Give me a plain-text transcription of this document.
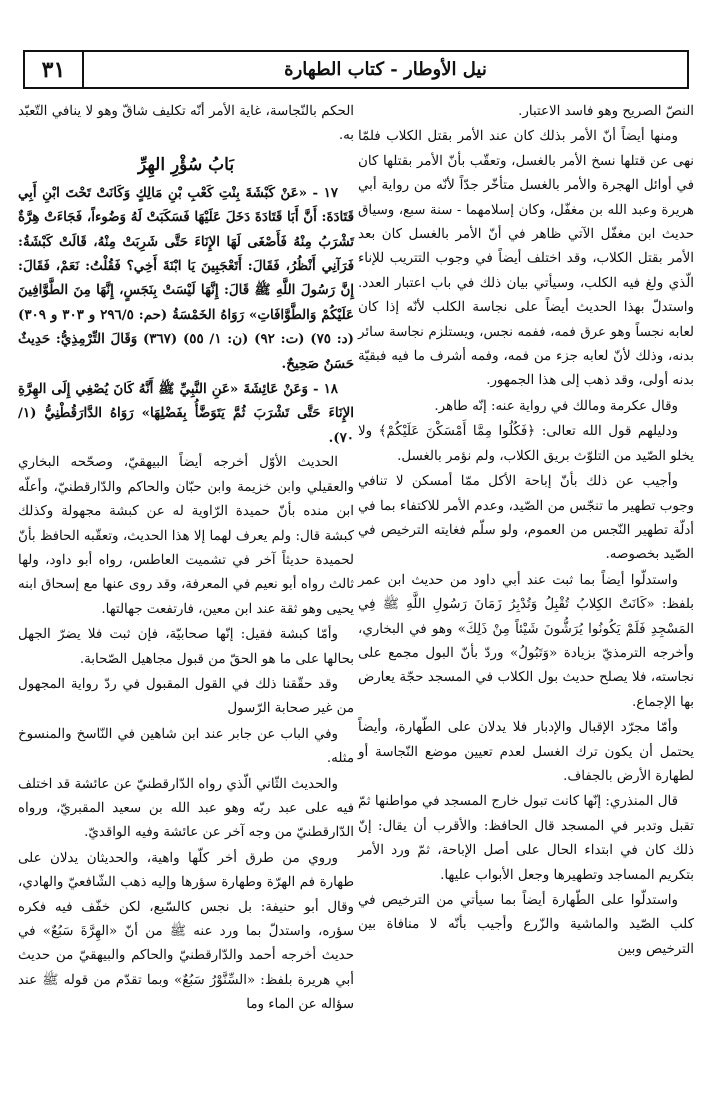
٣١	نيل الأوطار - كتاب الطهارة

النصّ الصريح وهو فاسد الاعتبار.

ومنها أيضاً أنّ الأمر بذلك كان عند الأمر بقتل الكلاب فلمّا نهى عن قتلها نسخ الأمر بالغسل، وتعقّب بأنّ الأمر بقتلها كان في أوائل الهجرة والأمر بالغسل متأخّر جدّاً لأنّه من رواية أبي هريرة وعبد الله بن مغفّل، وكان إسلامهما - سنة سبع، وسياق حديث ابن مغفّل الآتي ظاهر في أنّ الأمر بالغسل كان بعد الأمر بقتل الكلاب، وقد اختلف أيضاً في وجوب التتريب للإناء الّذي ولغ فيه الكلب، وسيأتي بيان ذلك في باب اعتبار العدد. واستدلّ بهذا الحديث أيضاً على نجاسة الكلب لأنّه إذا كان لعابه نجساً وهو عرق فمه، ففمه نجس، ويستلزم نجاسة سائر بدنه، وذلك لأنّ لعابه جزء من فمه، وفمه أشرف ما فيه فبقيّة بدنه أولى، وقد ذهب إلى هذا الجمهور.

وقال عكرمة ومالك في رواية عنه: إنّه طاهر.

ودليلهم قول الله تعالى: ﴿فَكُلُوا مِمَّا أَمْسَكْنَ عَلَيْكُمْ﴾ ولا يخلو الصّيد من التلوّث بريق الكلاب، ولم نؤمر بالغسل.

وأجيب عن ذلك بأنّ إباحة الأكل ممّا أمسكن لا تنافي وجوب تطهير ما تنجّس من الصّيد، وعدم الأمر للاكتفاء بما في أدلّة تطهير النّجس من العموم، ولو سلّم فغايته الترخيص في الصّيد بخصوصه.

واستدلّوا أيضاً بما ثبت عند أبي داود من حديث ابن عمر بلفظ: «كَانَتْ الكِلابُ تُقْبِلُ وَتُدْبِرُ زَمَانَ رَسُولِ اللَّهِ ﷺ فِي المَسْجِدِ فَلَمْ يَكُونُوا يُرَشُّونَ شَيْئاً مِنْ ذَلِكَ» وهو في البخاري، وأخرجه الترمذيّ بزيادة «وَتَبُولُ» وردّ بأنّ البول مجمع على نجاسته، فلا يصلح حديث بول الكلاب في المسجد حجّة يعارض بها الإجماع.

وأمّا مجرّد الإقبال والإدبار فلا يدلان على الطّهارة، وأيضاً يحتمل أن يكون ترك الغسل لعدم تعيين موضع النّجاسة أو لطهارة الأرض بالجفاف.

قال المنذري: إنّها كانت تبول خارج المسجد في مواطنها ثمّ تقبل وتدبر في المسجد قال الحافظ: والأقرب أن يقال: إنّ ذلك كان في ابتداء الحال على أصل الإباحة، ثمّ ورد الأمر بتكريم المساجد وتطهيرها وجعل الأبواب عليها.

واستدلّوا على الطّهارة أيضاً بما سيأتي من الترخيص في كلب الصّيد والماشية والزّرع وأجيب بأنّه لا منافاة بين الترخيص وبين

الحكم بالنّجاسة، غاية الأمر أنّه تكليف شاقّ وهو لا ينافي التّعبّد به.

بَابُ سُؤْرِ الهِرِّ

١٧ - «عَنْ كَبْشَةَ بِنْتِ كَعْبِ بْنِ مَالِكٍ وَكَانَتْ تَحْتَ ابْنِ أَبِي قَتَادَةَ: أَنَّ أَبَا قَتَادَةَ دَخَلَ عَلَيْهَا فَسَكَبَتْ لَهُ وَضُوءاً، فَجَاءَتْ هِرَّةٌ تَشْرَبُ مِنْهُ فَأَصْغَى لَهَا الإِنَاءَ حَتَّى شَرِبَتْ مِنْهُ، قَالَتْ كَبْشَةُ: فَرَآنِي أَنْظُرُ، فَقَالَ: أَتَعْجَبِينَ يَا ابْنَةَ أَخِي؟ فَقُلْتُ: نَعَمْ، فَقَالَ: إِنَّ رَسُولَ اللَّهِ ﷺ قَالَ: إِنَّهَا لَيْسَتْ بِنَجَسٍ، إِنَّهَا مِنَ الطَّوَّافِينَ عَلَيْكُمْ وَالطَّوَّافَاتِ» رَوَاهُ الخَمْسَةُ (حم: ٢٩٦/٥ و ٣٠٣ و ٣٠٩) (د: ٧٥) (ت: ٩٢) (ن: ١/ ٥٥) (٣٦٧) وَقَالَ التِّرْمِذِيُّ: حَدِيثٌ حَسَنٌ صَحِيحٌ.

١٨ - وَعَنْ عَائِشَةَ «عَنِ النَّبِيِّ ﷺ أَنَّهُ كَانَ يُصْغِي إِلَى الهِرَّةِ الإِنَاءَ حَتَّى تَشْرَبَ ثُمَّ يَتَوَضَّأُ بِفَضْلِهَا» رَوَاهُ الدَّارَقُطْنِيُّ (١/ ٧٠).

الحديث الأوّل أخرجه أيضاً البيهقيّ، وصحّحه البخاري والعقيلي وابن خزيمة وابن حبّان والحاكم والدّارقطنيّ، وأعلّه ابن منده بأنّ حميدة الرّاوية له عن كبشة مجهولة وكذلك كبشة قال: ولم يعرف لهما إلا هذا الحديث، وتعقّبه الحافظ بأنّ لحميدة حديثاً آخر في تشميت العاطس، رواه أبو داود، ولها ثالث رواه أبو نعيم في المعرفة، وقد روى عنها مع إسحاق ابنه يحيى وهو ثقة عند ابن معين، فارتفعت جهالتها.

وأمّا كبشة فقيل: إنّها صحابيّة، فإن ثبت فلا يضرّ الجهل بحالها على ما هو الحقّ من قبول مجاهيل الصّحابة.

وقد حقّقنا ذلك في القول المقبول في ردّ رواية المجهول من غير صحابة الرّسول

وفي الباب عن جابر عند ابن شاهين في النّاسخ والمنسوخ مثله.

والحديث الثّاني الّذي رواه الدّارقطنيّ عن عائشة قد اختلف فيه على عبد ربّه وهو عبد الله بن سعيد المقبريّ، ورواه الدّارقطنيّ من وجه آخر عن عائشة وفيه الواقديّ.

وروي من طرق أخر كلّها واهية، والحديثان يدلان على طهارة فم الهرّة وطهارة سؤرها وإليه ذهب الشّافعيّ والهادي، وقال أبو حنيفة: بل نجس كالسّبع، لكن خفّف فيه فكره سؤره، واستدلّ بما ورد عنه ﷺ من أنّ «الهِرَّةَ سَبُعٌ» في حديث أخرجه أحمد والدّارقطنيّ والحاكم والبيهقيّ من حديث أبي هريرة بلفظ: «السِّنَّوْرُ سَبُعٌ» وبما تقدّم من قوله ﷺ عند سؤاله عن الماء وما
